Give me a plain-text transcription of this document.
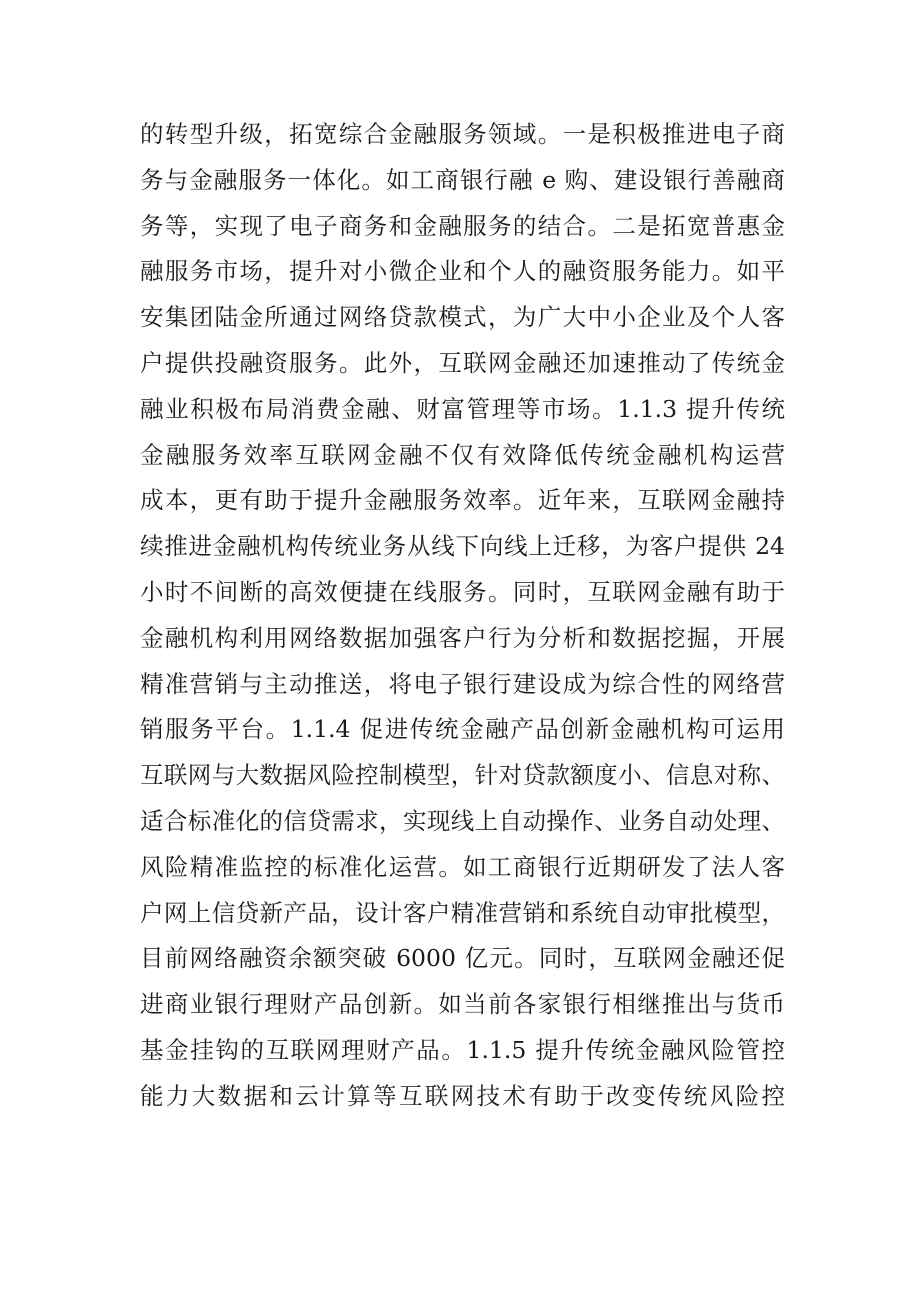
的转型升级，拓宽综合金融服务领域。一是积极推进电子商
务与金融服务一体化。如工商银行融 e 购、建设银行善融商
务等，实现了电子商务和金融服务的结合。二是拓宽普惠金
融服务市场，提升对小微企业和个人的融资服务能力。如平
安集团陆金所通过网络贷款模式，为广大中小企业及个人客
户提供投融资服务。此外，互联网金融还加速推动了传统金
融业积极布局消费金融、财富管理等市场。1.1.3 提升传统
金融服务效率互联网金融不仅有效降低传统金融机构运营
成本，更有助于提升金融服务效率。近年来，互联网金融持
续推进金融机构传统业务从线下向线上迁移，为客户提供 24
小时不间断的高效便捷在线服务。同时，互联网金融有助于
金融机构利用网络数据加强客户行为分析和数据挖掘，开展
精准营销与主动推送，将电子银行建设成为综合性的网络营
销服务平台。1.1.4 促进传统金融产品创新金融机构可运用
互联网与大数据风险控制模型，针对贷款额度小、信息对称、
适合标准化的信贷需求，实现线上自动操作、业务自动处理、
风险精准监控的标准化运营。如工商银行近期研发了法人客
户网上信贷新产品，设计客户精准营销和系统自动审批模型，
目前网络融资余额突破 6000 亿元。同时，互联网金融还促
进商业银行理财产品创新。如当前各家银行相继推出与货币
基金挂钩的互联网理财产品。1.1.5 提升传统金融风险管控
能力大数据和云计算等互联网技术有助于改变传统风险控
